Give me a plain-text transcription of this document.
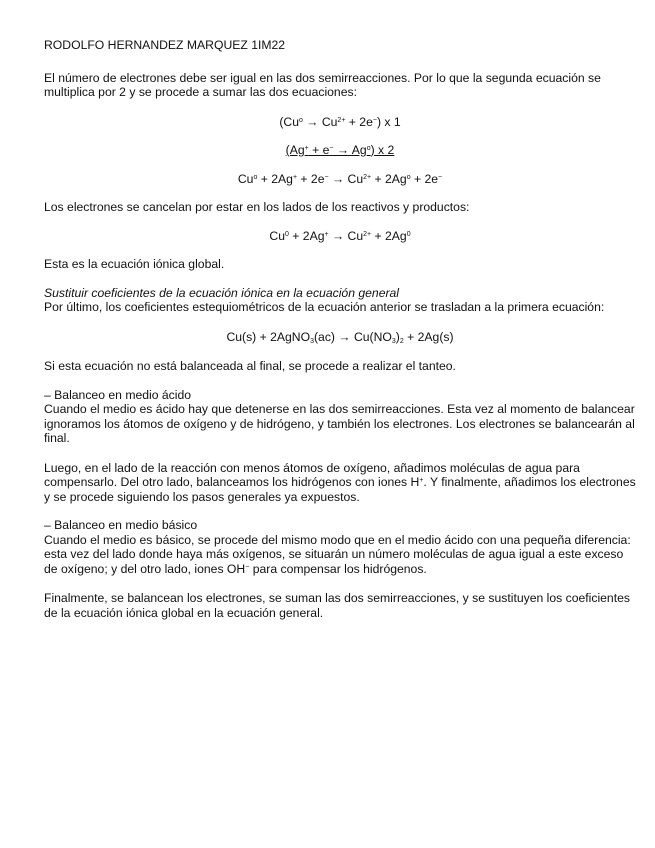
RODOLFO HERNANDEZ MARQUEZ 1IM22

El número de electrones debe ser igual en las dos semirreacciones. Por lo que la segunda ecuación se multiplica por 2 y se procede a sumar las dos ecuaciones:

$(Cu^o \to Cu^{2+} + 2e^-)$ x 1

$(Ag^+ + e^- \to Ag^o)$ x 2

$Cu^o + 2Ag^+ + 2e^- \to Cu^{2+} + 2Ag^o + 2e^-$

Los electrones se cancelan por estar en los lados de los reactivos y productos:

$Cu^0 + 2Ag^+ \to Cu^{2+} + 2Ag^0$

Esta es la ecuación iónica global.

Sustituir coeficientes de la ecuación iónica en la ecuación general

Por último, los coeficientes estequiométricos de la ecuación anterior se trasladan a la primera ecuación:

Cu(s) + 2AgNO$_3$(ac) → $Cu(NO_3)_2 + 2Ag(s)$

Si esta ecuación no está balanceada al final, se procede a realizar el tanteo.

– Balanceo en medio ácido

Cuando el medio es ácido hay que detenerse en las dos semirreacciones. Esta vez al momento de balancear ignoramos los átomos de oxígeno y de hidrógeno, y también los electrones. Los electrones se balancearán al final.

Luego, en el lado de la reacción con menos átomos de oxígeno, añadimos moléculas de agua para compensarlo. Del otro lado, balanceamos los hidrógenos con iones H+. Y finalmente, añadimos los electrones y se procede siguiendo los pasos generales ya expuestos.

– Balanceo en medio básico

Cuando el medio es básico, se procede del mismo modo que en el medio ácido con una pequeña diferencia: esta vez del lado donde haya más oxígenos, se situarán un número moléculas de agua igual a este exceso de oxígeno; y del otro lado, iones OH− para compensar los hidrógenos.

Finalmente, se balancean los electrones, se suman las dos semirreacciones, y se sustituyen los coeficientes de la ecuación iónica global en la ecuación general.
